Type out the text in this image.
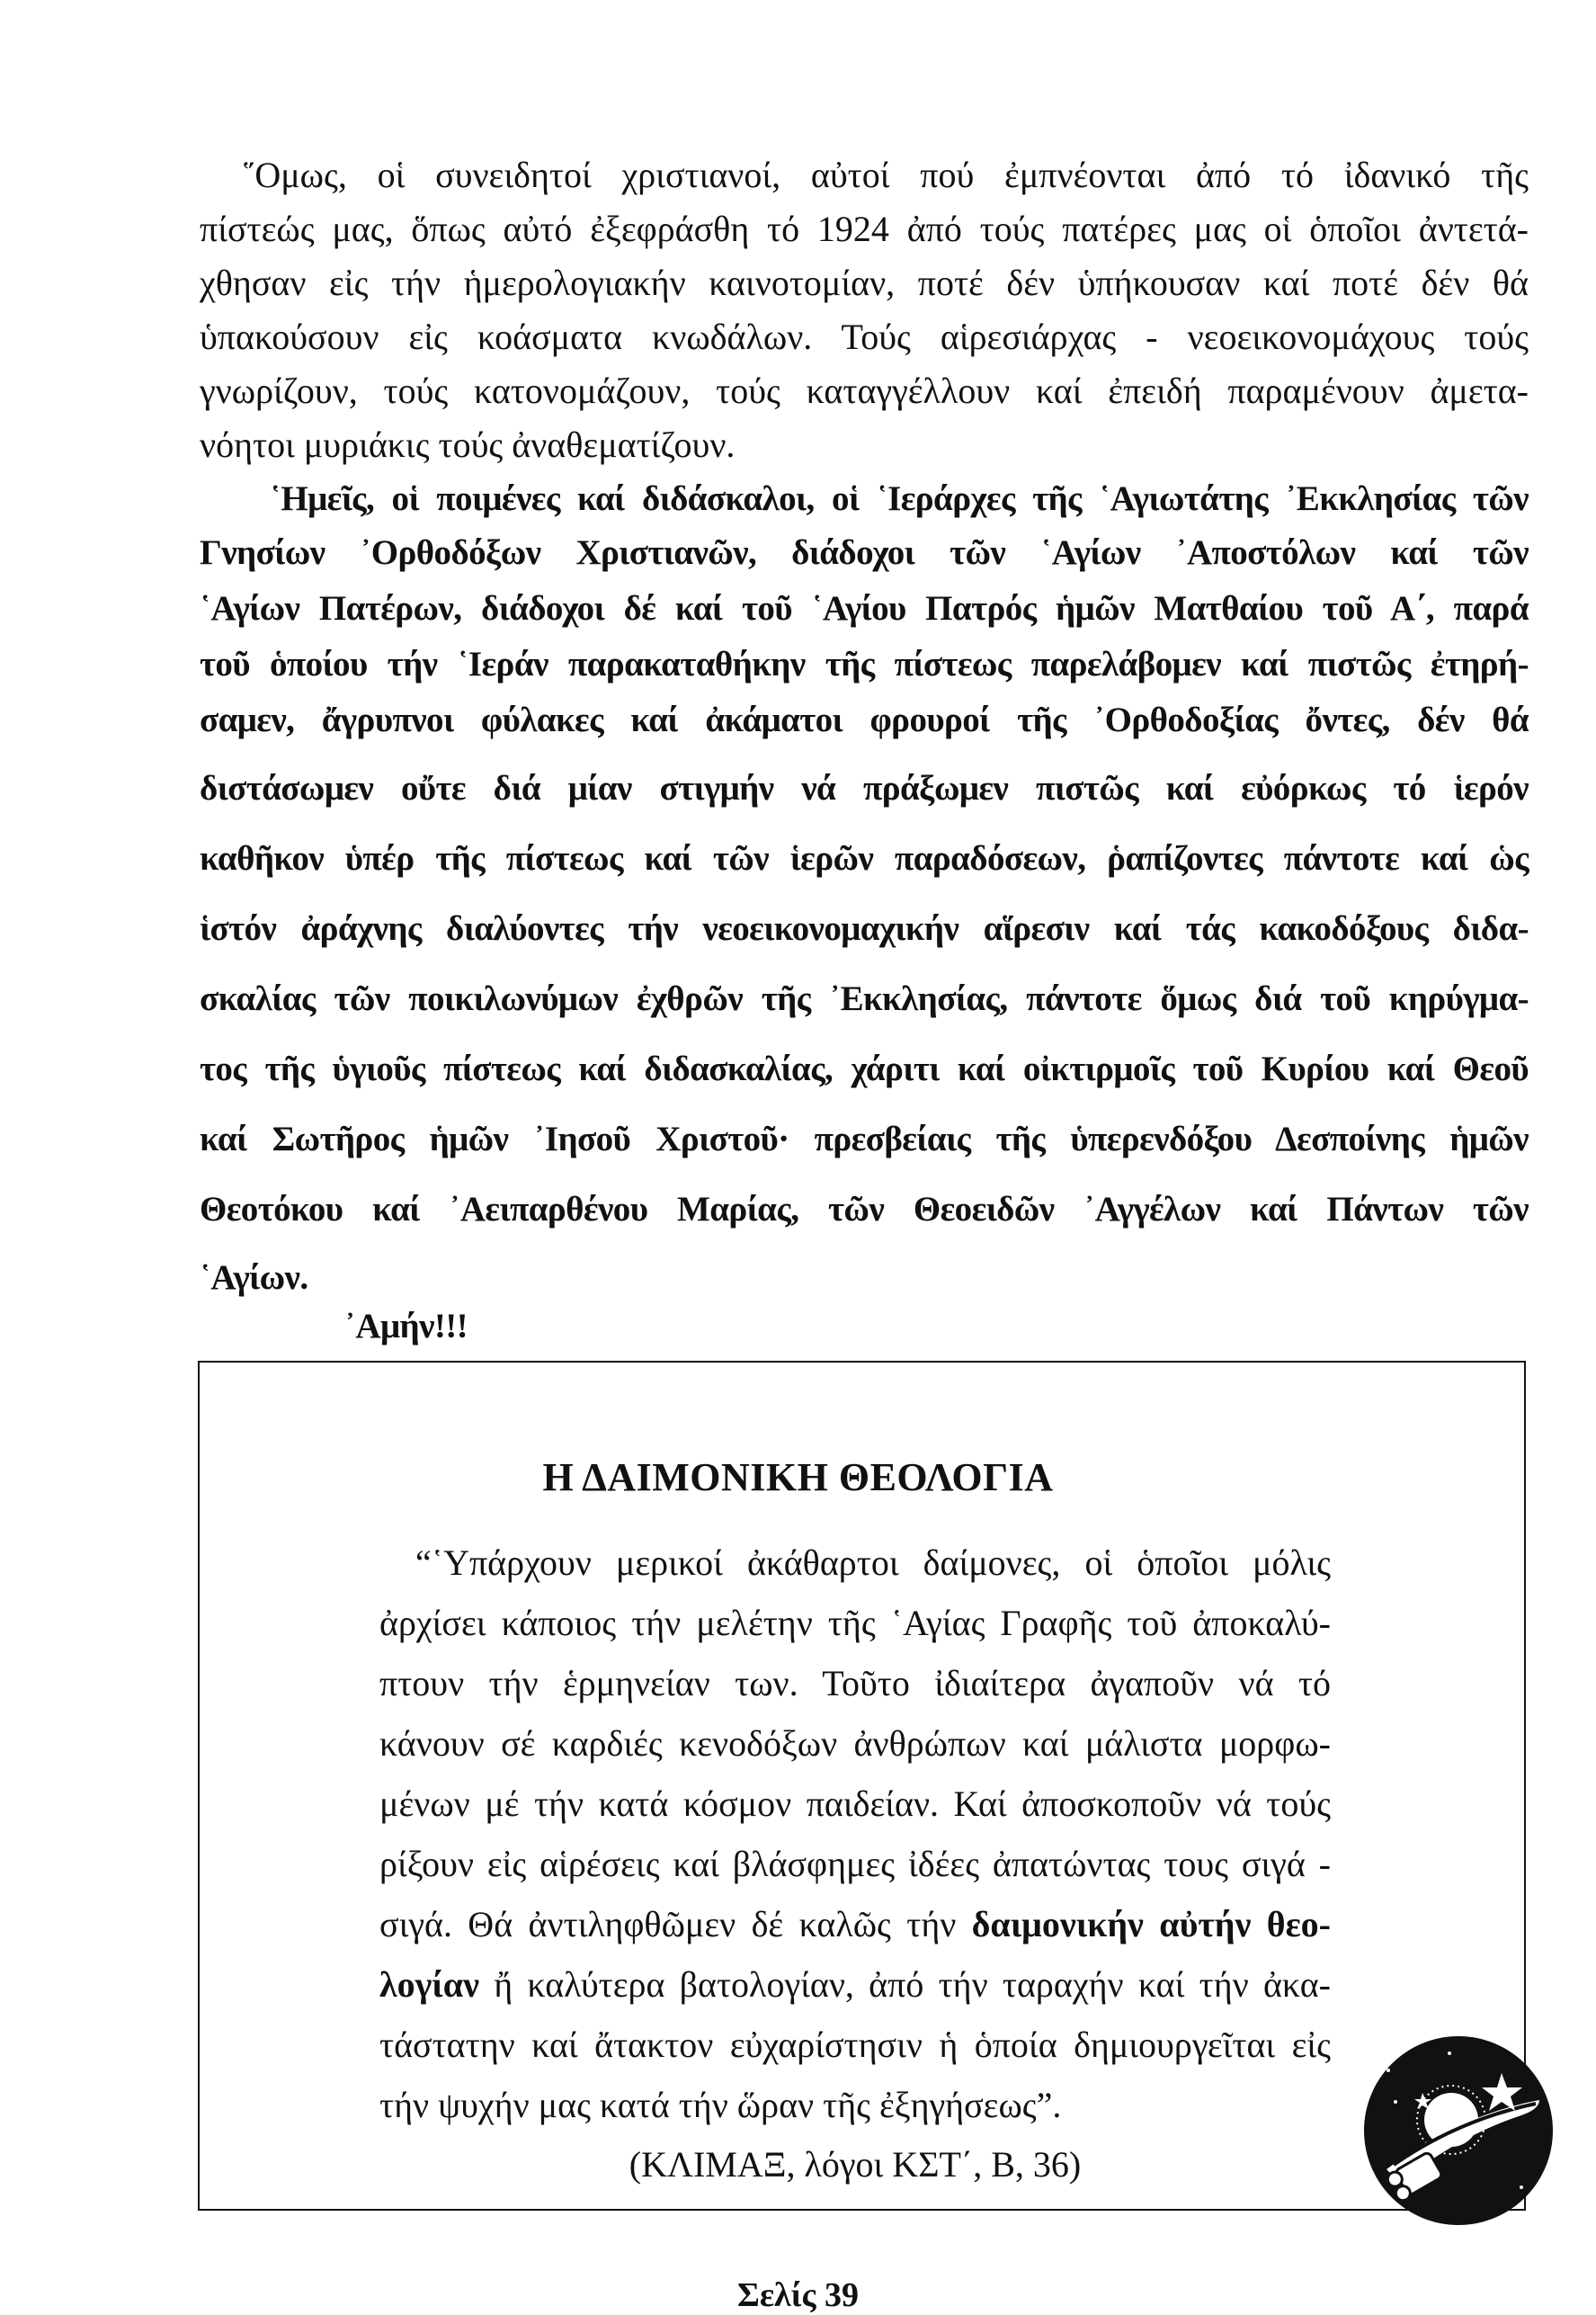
῞Ομως, οἱ συνειδητοί χριστιανοί, αὐτοί πού ἐμπνέονται ἀπό τό ἰδανικό τῆς
πίστεώς μας, ὅπως αὐτό ἐξεφράσθη τό 1924 ἀπό τούς πατέρες μας οἱ ὁποῖοι ἀντετά-
χθησαν εἰς τήν ἡμερολογιακήν καινοτομίαν, ποτέ δέν ὑπήκουσαν καί ποτέ δέν θά
ὑπακούσουν εἰς κοάσματα κνωδάλων. Τούς αἱρεσιάρχας - νεοεικονομάχους τούς
γνωρίζουν, τούς κατονομάζουν, τούς καταγγέλλουν καί ἐπειδή παραμένουν ἀμετα-
νόητοι μυριάκις τούς ἀναθεματίζουν.
῾Ημεῖς, οἱ ποιμένες καί διδάσκαλοι, οἱ ῾Ιεράρχες τῆς ῾Αγιωτάτης ᾽Εκκλησίας τῶν
Γνησίων ᾽Ορθοδόξων Χριστιανῶν, διάδοχοι τῶν ῾Αγίων ᾽Αποστόλων καί τῶν
῾Αγίων Πατέρων, διάδοχοι δέ καί τοῦ ῾Αγίου Πατρός ἡμῶν Ματθαίου τοῦ Α΄, παρά
τοῦ ὁποίου τήν ῾Ιεράν παρακαταθήκην τῆς πίστεως παρελάβομεν καί πιστῶς ἐτηρή-
σαμεν, ἄγρυπνοι φύλακες καί ἀκάματοι φρουροί τῆς ᾽Ορθοδοξίας ὄντες, δέν θά
διστάσωμεν οὔτε διά μίαν στιγμήν νά πράξωμεν πιστῶς καί εὐόρκως τό ἱερόν
καθῆκον ὑπέρ τῆς πίστεως καί τῶν ἱερῶν παραδόσεων, ῥαπίζοντες πάντοτε καί ὡς
ἱστόν ἀράχνης διαλύοντες τήν νεοεικονομαχικήν αἵρεσιν καί τάς κακοδόξους διδα-
σκαλίας τῶν ποικιλωνύμων ἐχθρῶν τῆς ᾽Εκκλησίας, πάντοτε ὅμως διά τοῦ κηρύγμα-
τος τῆς ὑγιοῦς πίστεως καί διδασκαλίας, χάριτι καί οἰκτιρμοῖς τοῦ Κυρίου καί Θεοῦ
καί Σωτῆρος ἡμῶν ᾽Ιησοῦ Χριστοῦ· πρεσβείαις τῆς ὑπερενδόξου Δεσποίνης ἡμῶν
Θεοτόκου καί ᾽Αειπαρθένου Μαρίας, τῶν Θεοειδῶν ᾽Αγγέλων καί Πάντων τῶν
῾Αγίων.
᾽Αμήν!!!
Η ΔΑΙΜΟΝΙΚΗ ΘΕΟΛΟΓΙΑ
“῾Υπάρχουν μερικοί ἀκάθαρτοι δαίμονες, οἱ ὁποῖοι μόλις
ἀρχίσει κάποιος τήν μελέτην τῆς ῾Αγίας Γραφῆς τοῦ ἀποκαλύ-
πτουν τήν ἑρμηνείαν των. Τοῦτο ἰδιαίτερα ἀγαποῦν νά τό
κάνουν σέ καρδιές κενοδόξων ἀνθρώπων καί μάλιστα μορφω-
μένων μέ τήν κατά κόσμον παιδείαν. Καί ἀποσκοποῦν νά τούς
ρίξουν εἰς αἱρέσεις καί βλάσφημες ἰδέες ἀπατώντας τους σιγά -
σιγά. Θά ἀντιληφθῶμεν δέ καλῶς τήν δαιμονικήν αὐτήν θεο-
λογίαν ἤ καλύτερα βατολογίαν, ἀπό τήν ταραχήν καί τήν ἀκα-
τάστατην καί ἄτακτον εὐχαρίστησιν ἡ ὁποία δημιουργεῖται εἰς
τήν ψυχήν μας κατά τήν ὥραν τῆς ἐξηγήσεως”.
(ΚΛΙΜΑΞ, λόγοι ΚΣΤ΄, Β, 36)
Σελίς 39
